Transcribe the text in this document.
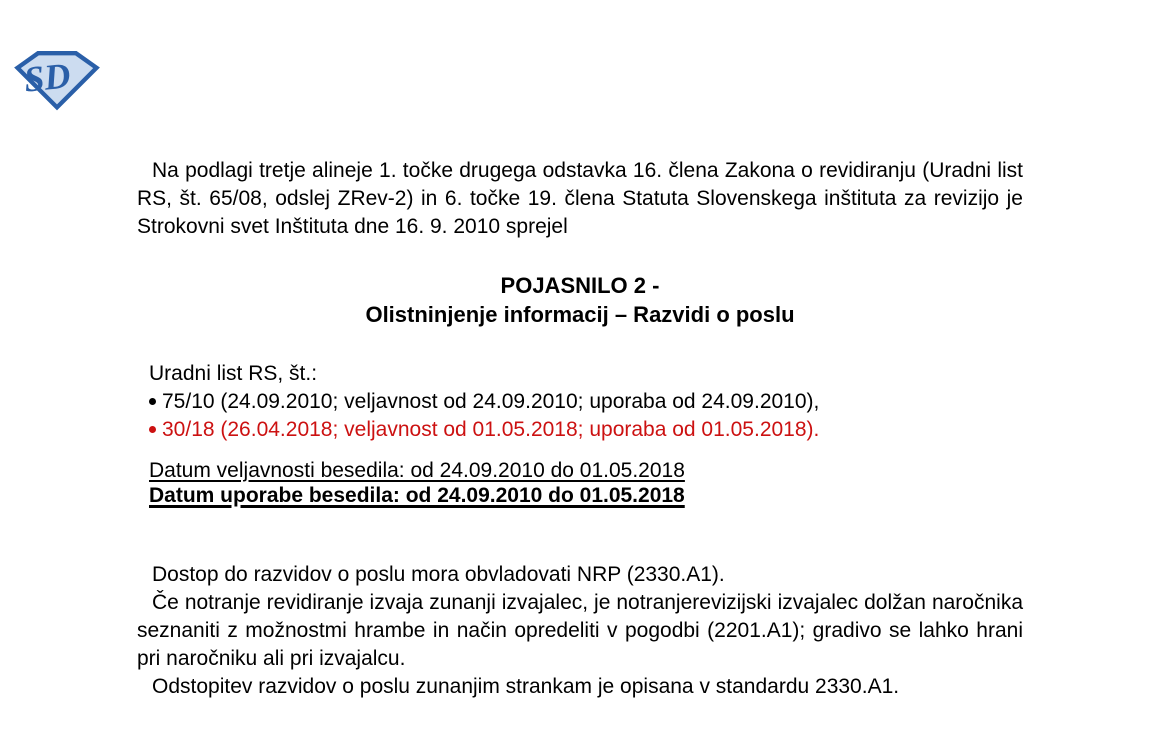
SD

Na podlagi tretje alineje 1. točke drugega odstavka 16. člena Zakona o revidiranju (Uradni list RS, št. 65/08, odslej ZRev-2) in 6. točke 19. člena Statuta Slovenskega inštituta za revizijo je Strokovni svet Inštituta dne 16. 9. 2010 sprejel

POJASNILO 2 -
Olistninjenje informacij – Razvidi o poslu
Uradni list RS, št.:
75/10 (24.09.2010; veljavnost od 24.09.2010; uporaba od 24.09.2010),
30/18 (26.04.2018; veljavnost od 01.05.2018; uporaba od 01.05.2018).
Datum veljavnosti besedila: od 24.09.2010 do 01.05.2018
Datum uporabe besedila: od 24.09.2010 do 01.05.2018

Dostop do razvidov o poslu mora obvladovati NRP (2330.A1).

Če notranje revidiranje izvaja zunanji izvajalec, je notranjerevizijski izvajalec dolžan naročnika seznaniti z možnostmi hrambe in način opredeliti v pogodbi (2201.A1); gradivo se lahko hrani pri naročniku ali pri izvajalcu.

Odstopitev razvidov o poslu zunanjim strankam je opisana v standardu 2330.A1.
